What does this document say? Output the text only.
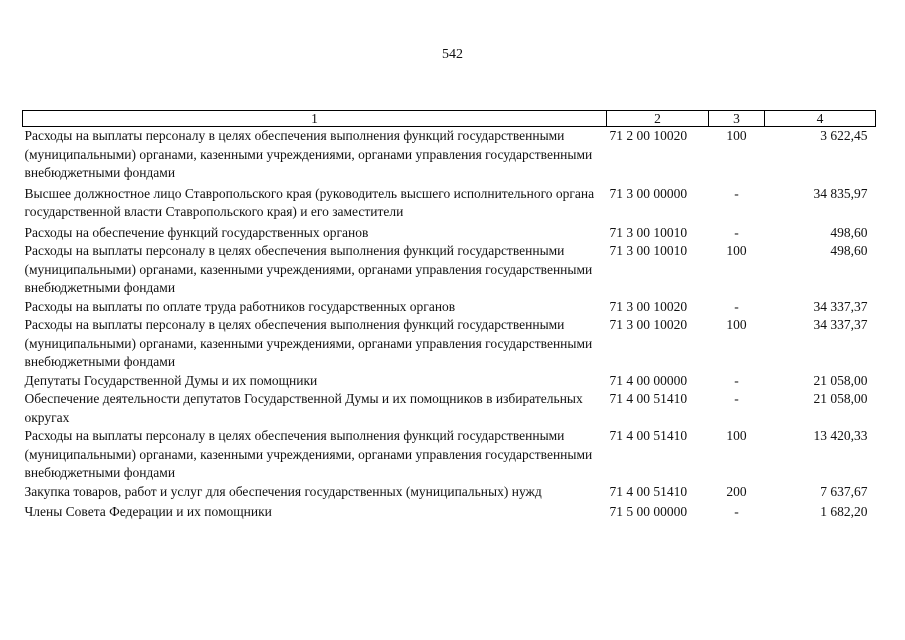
542
1	2	3	4
Расходы на выплаты персоналу в целях обеспечения выполнения функций государственными (муниципальными) органами, казенными учреждениями, органами управления государственными внебюджетными фондами	71 2 00 10020	100	3 622,45
Высшее должностное лицо Ставропольского края (руководитель высшего исполнительного органа государственной власти Ставропольского края) и его заместители	71 3 00 00000	-	34 835,97
Расходы на обеспечение функций государственных органов	71 3 00 10010	-	498,60
Расходы на выплаты персоналу в целях обеспечения выполнения функций государственными (муниципальными) органами, казенными учреждениями, органами управления государственными внебюджетными фондами	71 3 00 10010	100	498,60
Расходы на выплаты по оплате труда работников государственных органов	71 3 00 10020	-	34 337,37
Расходы на выплаты персоналу в целях обеспечения выполнения функций государственными (муниципальными) органами, казенными учреждениями, органами управления государственными внебюджетными фондами	71 3 00 10020	100	34 337,37
Депутаты Государственной Думы и их помощники	71 4 00 00000	-	21 058,00
Обеспечение деятельности депутатов Государственной Думы и их помощников в избирательных округах	71 4 00 51410	-	21 058,00
Расходы на выплаты персоналу в целях обеспечения выполнения функций государственными (муниципальными) органами, казенными учреждениями, органами управления государственными внебюджетными фондами	71 4 00 51410	100	13 420,33
Закупка товаров, работ и услуг для обеспечения государственных (муниципальных) нужд	71 4 00 51410	200	7 637,67
Члены Совета Федерации и их помощники	71 5 00 00000	-	1 682,20
